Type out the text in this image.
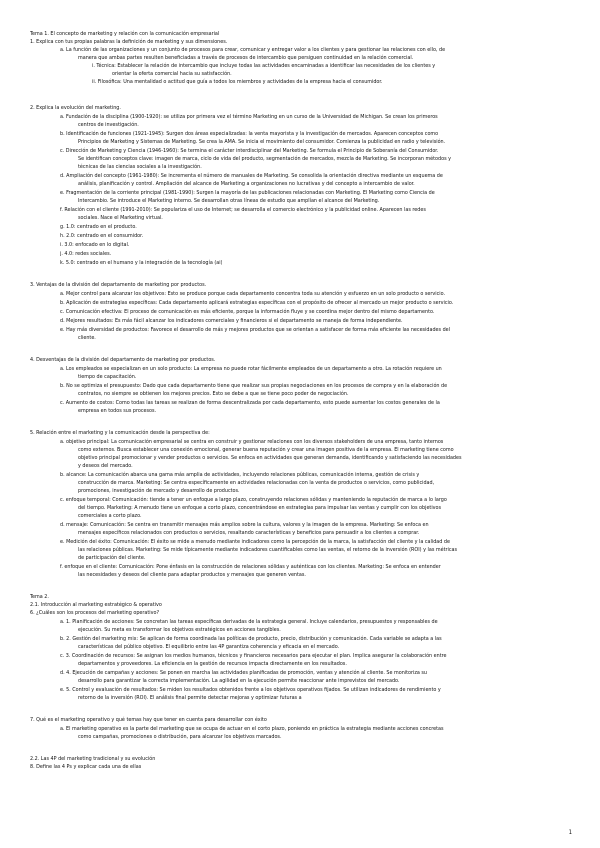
Tema 1. El concepto de marketing y relación con la comunicación empresarial
1. Explica con tus propias palabras la definición de marketing y sus dimensiones.
a. La función de las organizaciones y un conjunto de procesos para crear, comunicar y entregar valor a los clientes y para gestionar las relaciones con ello, de
manera que ambas partes resulten beneficiadas a través de procesos de intercambio que persiguen continuidad en la relación comercial.
i. Técnica: Establecer la relación de intercambio que incluye todas las actividades encaminadas a identificar las necesidades de los clientes y
orientar la oferta comercial hacia su satisfacción.
ii. Filosófica: Una mentalidad o actitud que guía a todos los miembros y actividades de la empresa hacia el consumidor.
2. Explica la evolución del marketing.
a. Fundación de la disciplina (1900-1920): se utiliza por primera vez el término Marketing en un curso de la Universidad de Michigan. Se crean los primeros
centros de investigación.
b. Identificación de funciones (1921-1945): Surgen dos áreas especializadas: la venta mayorista y la investigación de mercados. Aparecen conceptos como
Principios de Marketing y Sistemas de Marketing. Se crea la AMA. Se inicia el movimiento del consumidor. Comienza la publicidad en radio y televisión.
c. Dirección de Marketing y Ciencia (1946-1960): Se termina el carácter interdisciplinar del Marketing. Se formula el Principio de Soberanía del Consumidor.
Se identifican conceptos clave: imagen de marca, ciclo de vida del producto, segmentación de mercados, mezcla de Marketing. Se incorporan métodos y
técnicas de las ciencias sociales a la investigación.
d. Ampliación del concepto (1961-1980): Se incrementa el número de manuales de Marketing. Se consolida la orientación directiva mediante un esquema de
análisis, planificación y control. Ampliación del alcance de Marketing a organizaciones no lucrativas y del concepto a intercambio de valor.
e. Fragmentación de la corriente principal (1981-1990): Surgen la mayoría de las publicaciones relacionadas con Marketing. El Marketing como Ciencia de
Intercambio. Se introduce el Marketing interno. Se desarrollan otras líneas de estudio que amplían el alcance del Marketing.
f. Relación con el cliente (1991-2010): Se populariza el uso de Internet; se desarrolla el comercio electrónico y la publicidad online. Aparecen las redes
sociales. Nace el Marketing virtual.
g. 1.0: centrado en el producto.
h. 2.0: centrado en el consumidor.
i. 3.0: enfocado en lo digital.
j. 4.0: redes sociales.
k. 5.0: centrado en el humano y la integración de la tecnología (ai)
3. Ventajas de la división del departamento de marketing por productos.
a. Mejor control para alcanzar los objetivos: Esto se produce porque cada departamento concentra toda su atención y esfuerzo en un solo producto o servicio.
b. Aplicación de estrategias específicas: Cada departamento aplicará estrategias específicas con el propósito de ofrecer al mercado un mejor producto o servicio.
c. Comunicación efectiva: El proceso de comunicación es más eficiente, porque la información fluye y se coordina mejor dentro del mismo departamento.
d. Mejores resultados: Es más fácil alcanzar los indicadores comerciales y financieros si el departamento se maneja de forma independiente.
e. Hay más diversidad de productos: Favorece el desarrollo de más y mejores productos que se orientan a satisfacer de forma más eficiente las necesidades del
cliente.
4. Desventajas de la división del departamento de marketing por productos.
a. Los empleados se especializan en un solo producto: La empresa no puede rotar fácilmente empleados de un departamento a otro. La rotación requiere un
tiempo de capacitación.
b. No se optimiza el presupuesto: Dado que cada departamento tiene que realizar sus propias negociaciones en los procesos de compra y en la elaboración de
contratos, no siempre se obtienen los mejores precios. Esto se debe a que se tiene poco poder de negociación.
c. Aumento de costos: Como todas las tareas se realizan de forma descentralizada por cada departamento, esto puede aumentar los costos generales de la
empresa en todos sus procesos.
5. Relación entre el marketing y la comunicación desde la perspectiva de:
a. objetivo principal: La comunicación empresarial se centra en construir y gestionar relaciones con los diversos stakeholders de una empresa, tanto internos
como externos. Busca establecer una conexión emocional, generar buena reputación y crear una imagen positiva de la empresa. El marketing tiene como
objetivo principal promocionar y vender productos o servicios. Se enfoca en actividades que generan demanda, identificando y satisfaciendo las necesidades
y deseos del mercado.
b. alcance: La comunicación abarca una gama más amplia de actividades, incluyendo relaciones públicas, comunicación interna, gestión de crisis y
construcción de marca. Marketing: Se centra específicamente en actividades relacionadas con la venta de productos o servicios, como publicidad,
promociones, investigación de mercado y desarrollo de productos.
c. enfoque temporal: Comunicación: tiende a tener un enfoque a largo plazo, construyendo relaciones sólidas y manteniendo la reputación de marca a lo largo
del tiempo. Marketing: A menudo tiene un enfoque a corto plazo, concentrándose en estrategias para impulsar las ventas y cumplir con los objetivos
comerciales a corto plazo.
d. mensaje: Comunicación: Se centra en transmitir mensajes más amplios sobre la cultura, valores y la imagen de la empresa. Marketing: Se enfoca en
mensajes específicos relacionados con productos o servicios, resaltando características y beneficios para persuadir a los clientes a comprar.
e. Medición del éxito: Comunicación: El éxito se mide a menudo mediante indicadores como la percepción de la marca, la satisfacción del cliente y la calidad de
las relaciones públicas. Marketing: Se mide típicamente mediante indicadores cuantificables como las ventas, el retorno de la inversión (ROI) y las métricas
de participación del cliente.
f. enfoque en el cliente: Comunicación: Pone énfasis en la construcción de relaciones sólidas y auténticas con los clientes. Marketing: Se enfoca en entender
las necesidades y deseos del cliente para adaptar productos y mensajes que generen ventas.
Tema 2.
2.1. Introducción al marketing estratégico & operativo
6. ¿Cuáles son los procesos del marketing operativo?
a. 1. Planificación de acciones: Se concretan las tareas específicas derivadas de la estrategia general. Incluye calendarios, presupuestos y responsables de
ejecución. Su meta es transformar los objetivos estratégicos en acciones tangibles.
b. 2. Gestión del marketing mix: Se aplican de forma coordinada las políticas de producto, precio, distribución y comunicación. Cada variable se adapta a las
características del público objetivo. El equilibrio entre las 4P garantiza coherencia y eficacia en el mercado.
c. 3. Coordinación de recursos: Se asignan los medios humanos, técnicos y financieros necesarios para ejecutar el plan. Implica asegurar la colaboración entre
departamentos y proveedores. La eficiencia en la gestión de recursos impacta directamente en los resultados.
d. 4. Ejecución de campañas y acciones: Se ponen en marcha las actividades planificadas de promoción, ventas y atención al cliente. Se monitoriza su
desarrollo para garantizar la correcta implementación. La agilidad en la ejecución permite reaccionar ante imprevistos del mercado.
e. 5. Control y evaluación de resultados: Se miden los resultados obtenidos frente a los objetivos operativos fijados. Se utilizan indicadores de rendimiento y
retorno de la inversión (ROI). El análisis final permite detectar mejoras y optimizar futuras a
7. Qué es el marketing operativo y qué temas hay que tener en cuenta para desarrollar con éxito
a. El marketing operativo es la parte del marketing que se ocupa de actuar en el corto plazo, poniendo en práctica la estrategia mediante acciones concretas
como campañas, promociones o distribución, para alcanzar los objetivos marcados.
2.2. Las 4P del marketing tradicional y su evolución
8. Define las 4 Ps y explicar cada una de ellas
1
